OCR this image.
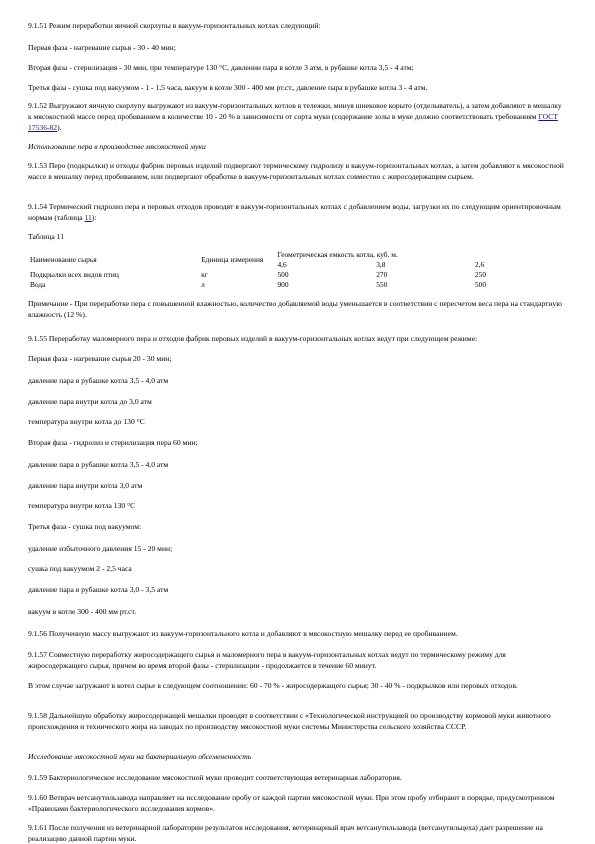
9.1.51 Режим переработки яичной скорлупы в вакуум-горизонтальных котлах следующий:

Первая фаза - нагревание сырья - 30 - 40 мин;

Вторая фаза - стерилизация - 30 мин, при температуре 130 °С, давлении пара в котле 3 атм, в рубашке котла 3,5 - 4 атм;

Третья фаза - сушка под вакуумом - 1 - 1,5 часа, вакуум в котле 300 - 400 мм рт.ст., давление пара в рубашке котла 3 - 4 атм.

9.1.52 Выгружают яичную скорлупу выгружают из вакуум-горизонтальных котлов в тележки, минуя шнековое корыто (отделыватель), а затем добавляют в мешалку к мясокостной массе перед пробиванием в количестве 10 - 20 % в зависимости от сорта муки (содержание золы в муке должно соответствовать требованиям ГОСТ 17536-82).

Использование пера в производстве мясокостной муки

9.1.53 Перо (подкрылки) и отходы фабрик перовых изделий подвергают термическому гидролизу в вакуум-горизонтальных котлах, а затем добавляют к мясокостной массе в мешалку перед пробиванием, или подвергают обработке в вакуум-горизонтальных котлах совместно с жиросодержащим сырьем.

9.1.54 Термический гидролиз пера и перовых отходов проводят в вакуум-горизонтальных котлах с добавлением воды, загрузки их по следующим ориентировочным нормам (таблица 11):

Таблица 11

Наименование сырья	Единица измерения	Геометрическая емкость котла, куб. м.		
		4,6	3,8	2,6
Подкрылки всех видов птиц	кг	500	270	250
Вода	л	900	550	500

Примечание - При переработке пера с повышенной влажностью, количество добавляемой воды уменьшается в соответствии с пересчетом веса пера на стандартную влажность (12 %).

9.1.55 Переработку маломерного пера и отходов фабрик перовых изделий в вакуум-горизонтальных котлах ведут при следующем режиме:

Первая фаза - нагревание сырья 20 - 30 мин;

давление пара в рубашке котла 3,5 - 4,0 атм

давление пара внутри котла до 3,0 атм

температура внутри котла до 130 °С

Вторая фаза - гидролиз и стерилизация пера 60 мин;

давление пара в рубашке котла 3,5 - 4,0 атм

давление пара внутри котла 3,0 атм

температура внутри котла 130 °С

Третья фаза - сушка под вакуумом:

удаление избыточного давления 15 - 20 мин;

сушка под вакуумом 2 - 2,5 часа

давление пара в рубашке котла 3,0 - 3,5 атм

вакуум в котле 300 - 400 мм рт.ст.

9.1.56 Полученную массу выгружают из вакуум-горизонтального котла и добавляют в мясокостную мешалку перед ее пробиванием.

9.1.57 Совместную переработку жиросодержащего сырья и маломерного пера в вакуум-горизонтальных котлах ведут по термическому режиму для жиросодержащего сырья, причем во время второй фазы - стерилизации - продолжается в течение 60 минут.

В этом случае загружают в котел сырье в следующем соотношении: 60 - 70 % - жиросодержащего сырья; 30 - 40 % - подкрылков или перовых отходов.

9.1.58 Дальнейшую обработку жиросодержащей мешалки проводят в соответствии с «Технологической инструкцией по производству кормовой муки животного происхождения и технического жира на заводах по производству мясокостной муки системы Министерства сельского хозяйства СССР.

Исследование мясокостной муки на бактериальную обсемененность

9.1.59 Бактериологическое исследование мясокостной муки проводит соответствующая ветеринарная лаборатория.

9.1.60 Ветврач ветсанутильзавода направляет на исследование пробу от каждой партии мясокостной муки. При этом пробу отбирают в порядке, предусмотренном «Правилами бактериологического исследования кормов».

9.1.61 После получения из ветеринарной лаборатории результатов исследования, ветеринарный врач ветсанутильзавода (ветсанутильцеха) дает разрешение на реализацию данной партии муки.
